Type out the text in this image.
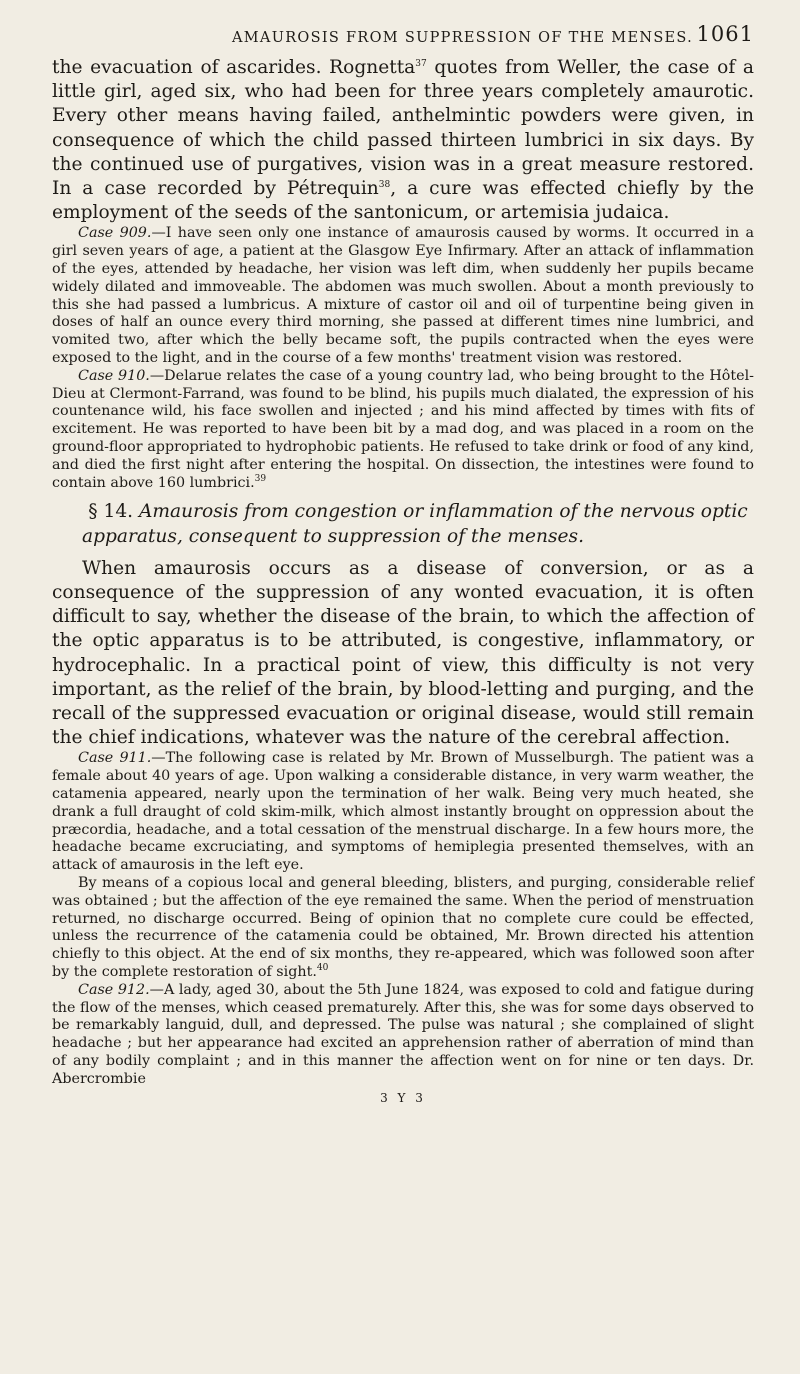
AMAUROSIS FROM SUPPRESSION OF THE MENSES. 1061

the evacuation of ascarides. Rognetta$^{37}$ quotes from Weller, the case of a little girl, aged six, who had been for three years completely amaurotic. Every other means having failed, anthelmintic powders were given, in consequence of which the child passed thirteen lumbrici in six days. By the continued use of purgatives, vision was in a great measure restored. In a case recorded by Pétrequin$^{38}$, a cure was effected chiefly by the employment of the seeds of the santonicum, or artemisia judaica.

Case 909.—I have seen only one instance of amaurosis caused by worms. It occurred in a girl seven years of age, a patient at the Glasgow Eye Infirmary. After an attack of inflammation of the eyes, attended by headache, her vision was left dim, when suddenly her pupils became widely dilated and immoveable. The abdomen was much swollen. About a month previously to this she had passed a lumbricus. A mixture of castor oil and oil of turpentine being given in doses of half an ounce every third morning, she passed at different times nine lumbrici, and vomited two, after which the belly became soft, the pupils contracted when the eyes were exposed to the light, and in the course of a few months' treatment vision was restored.

Case 910.—Delarue relates the case of a young country lad, who being brought to the Hôtel-Dieu at Clermont-Farrand, was found to be blind, his pupils much dialated, the expression of his countenance wild, his face swollen and injected ; and his mind affected by times with fits of excitement. He was reported to have been bit by a mad dog, and was placed in a room on the ground-floor appropriated to hydrophobic patients. He refused to take drink or food of any kind, and died the first night after entering the hospital. On dissection, the intestines were found to contain above 160 lumbrici.$^{39}$

§ 14. Amaurosis from congestion or inflammation of the nervous optic apparatus, consequent to suppression of the menses.

When amaurosis occurs as a disease of conversion, or as a consequence of the suppression of any wonted evacuation, it is often difficult to say, whether the disease of the brain, to which the affection of the optic apparatus is to be attributed, is congestive, inflammatory, or hydrocephalic. In a practical point of view, this difficulty is not very important, as the relief of the brain, by blood-letting and purging, and the recall of the suppressed evacuation or original disease, would still remain the chief indications, whatever was the nature of the cerebral affection.

Case 911.—The following case is related by Mr. Brown of Musselburgh. The patient was a female about 40 years of age. Upon walking a considerable distance, in very warm weather, the catamenia appeared, nearly upon the termination of her walk. Being very much heated, she drank a full draught of cold skim-milk, which almost instantly brought on oppression about the præcordia, headache, and a total cessation of the menstrual discharge. In a few hours more, the headache became excruciating, and symptoms of hemiplegia presented themselves, with an attack of amaurosis in the left eye.

By means of a copious local and general bleeding, blisters, and purging, considerable relief was obtained ; but the affection of the eye remained the same. When the period of menstruation returned, no discharge occurred. Being of opinion that no complete cure could be effected, unless the recurrence of the catamenia could be obtained, Mr. Brown directed his attention chiefly to this object. At the end of six months, they re-appeared, which was followed soon after by the complete restoration of sight.$^{40}$

Case 912.—A lady, aged 30, about the 5th June 1824, was exposed to cold and fatigue during the flow of the menses, which ceased prematurely. After this, she was for some days observed to be remarkably languid, dull, and depressed. The pulse was natural ; she complained of slight headache ; but her appearance had excited an apprehension rather of aberration of mind than of any bodily complaint ; and in this manner the affection went on for nine or ten days. Dr. Abercrombie

3 Y 3
